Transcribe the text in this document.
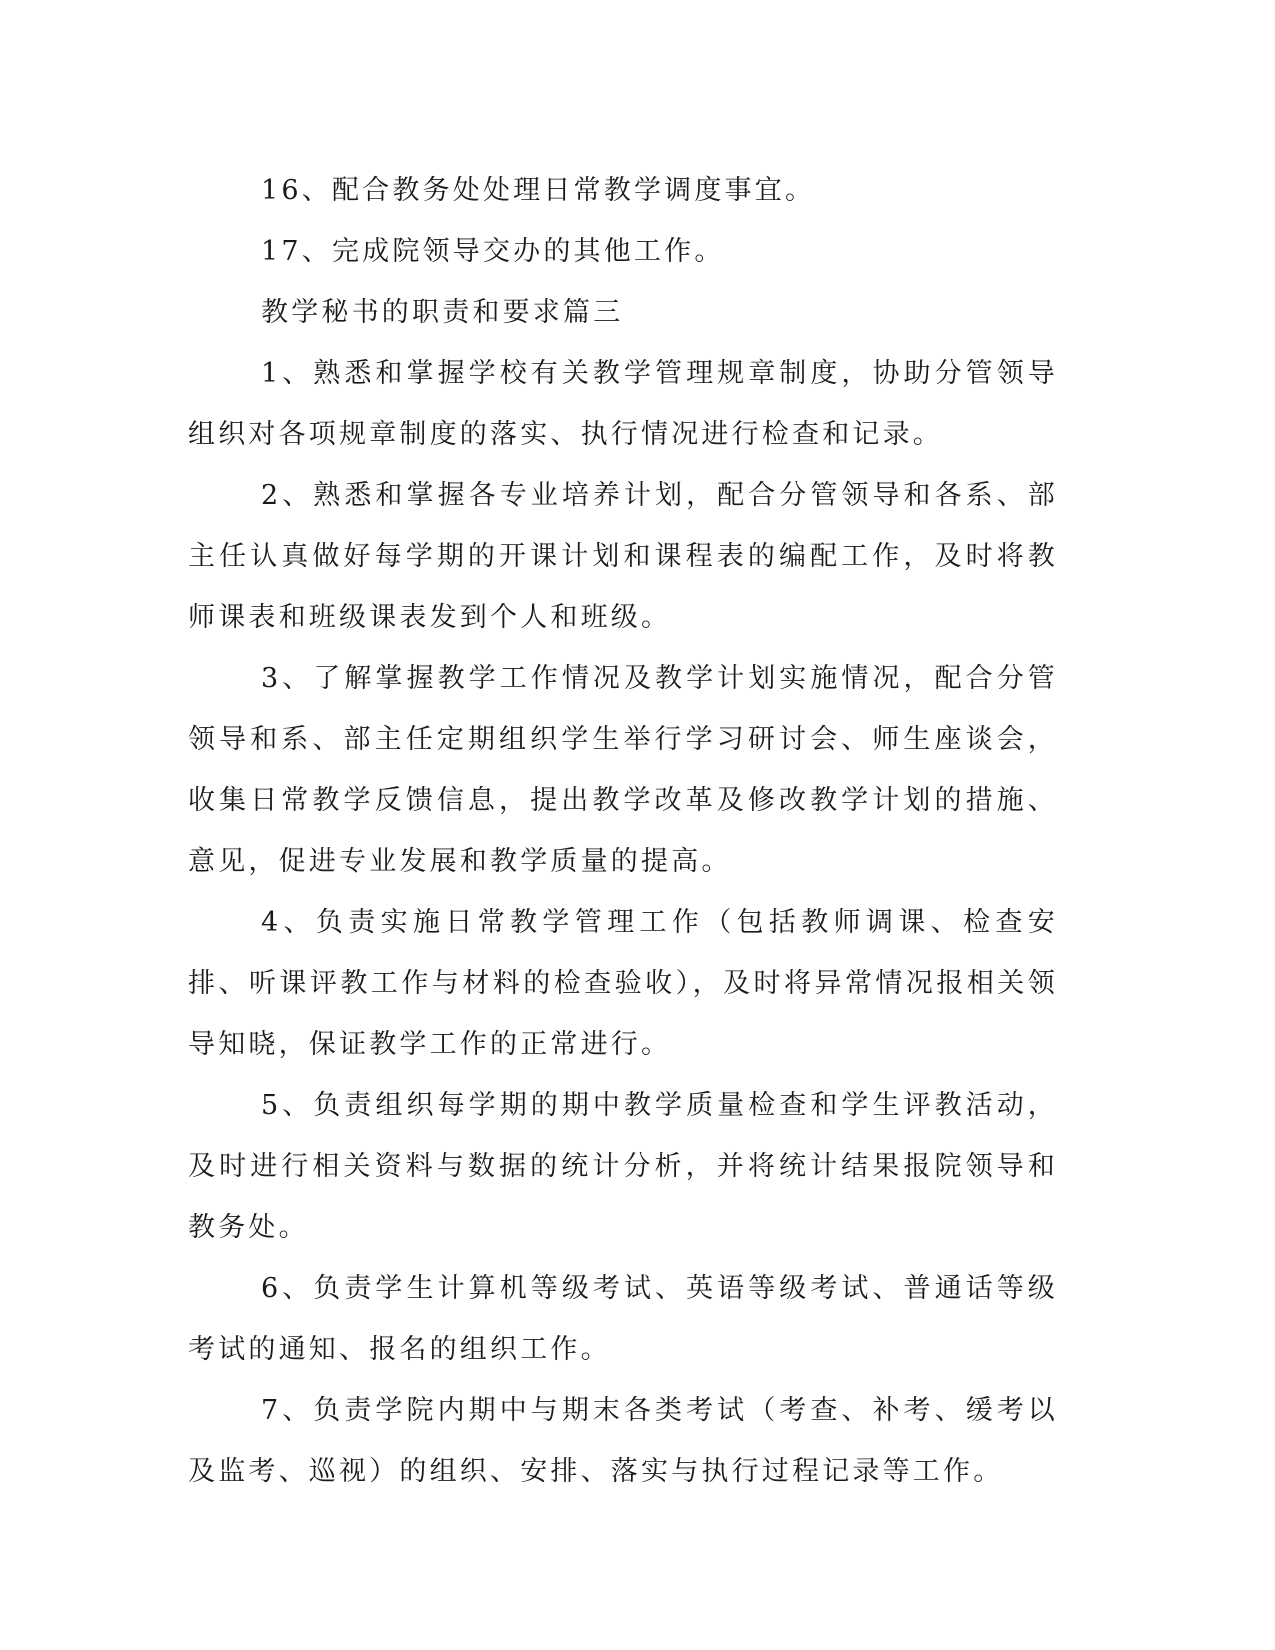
16、配合教务处处理日常教学调度事宜。

17、完成院领导交办的其他工作。

教学秘书的职责和要求篇三

1、熟悉和掌握学校有关教学管理规章制度，协助分管领导组织对各项规章制度的落实、执行情况进行检查和记录。

2、熟悉和掌握各专业培养计划，配合分管领导和各系、部主任认真做好每学期的开课计划和课程表的编配工作，及时将教师课表和班级课表发到个人和班级。

3、了解掌握教学工作情况及教学计划实施情况，配合分管领导和系、部主任定期组织学生举行学习研讨会、师生座谈会，收集日常教学反馈信息，提出教学改革及修改教学计划的措施、意见，促进专业发展和教学质量的提高。

4、负责实施日常教学管理工作（包括教师调课、检查安排、听课评教工作与材料的检查验收），及时将异常情况报相关领导知晓，保证教学工作的正常进行。

5、负责组织每学期的期中教学质量检查和学生评教活动，及时进行相关资料与数据的统计分析，并将统计结果报院领导和教务处。

6、负责学生计算机等级考试、英语等级考试、普通话等级考试的通知、报名的组织工作。

7、负责学院内期中与期末各类考试（考查、补考、缓考以及监考、巡视）的组织、安排、落实与执行过程记录等工作。
